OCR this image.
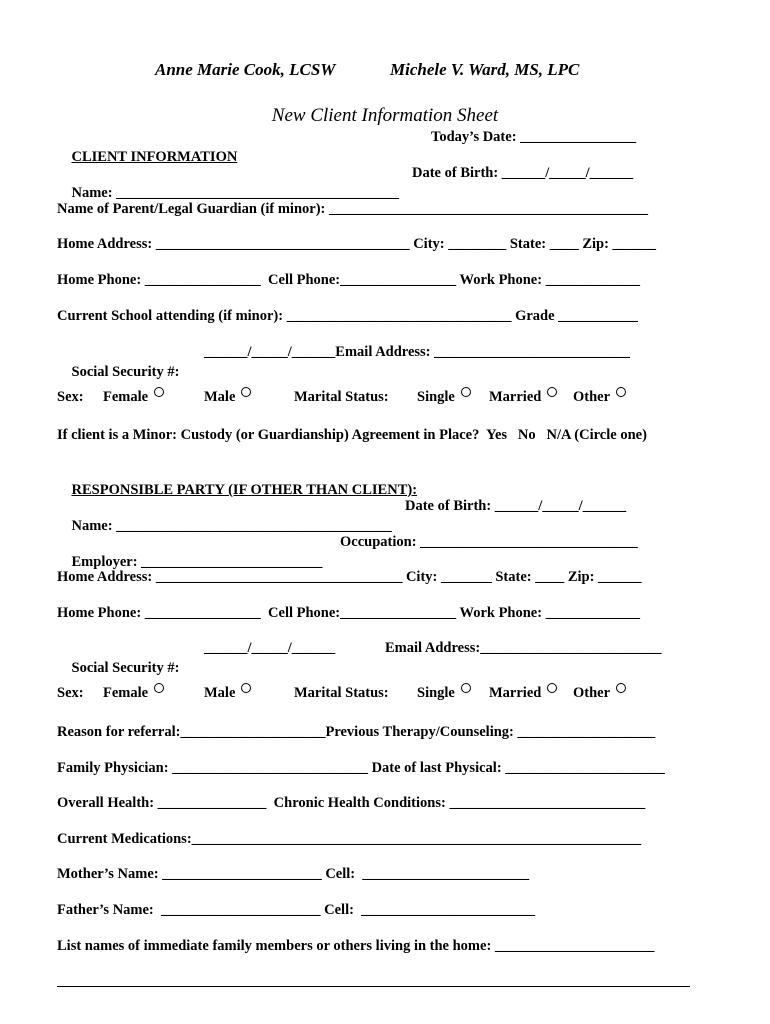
Anne Marie Cook, LCSW	Michele V. Ward, MS, LPC
New Client Information Sheet

CLIENT INFORMATION

Today’s Date: ________________

Name: _______________________________________

Date of Birth: ______/_____/______

Name of Parent/Legal Guardian (if minor): ____________________________________________
Home Address: ___________________________________ City: ________ State: ____ Zip: ______
Home Phone: ________________  Cell Phone:________________ Work Phone: _____________
Current School attending (if minor): _______________________________ Grade ___________

Social Security #:

______/_____/______Email Address: ___________________________

Sex:

Female

	Male

	Marital Status:

Single

	Married

	Other

If client is a Minor: Custody (or Guardianship) Agreement in Place?  Yes   No   N/A (Circle one)

RESPONSIBLE PARTY (IF OTHER THAN CLIENT):

Name: ______________________________________

Date of Birth: ______/_____/______

Employer: _________________________

Occupation: ______________________________

Home Address: __________________________________ City: _______ State: ____ Zip: ______
Home Phone: ________________  Cell Phone:________________ Work Phone: _____________

Social Security #:

______/_____/______

	Email Address:_________________________

Sex:

Female

	Male

	Marital Status:

Single

	Married

	Other

Reason for referral:____________________Previous Therapy/Counseling: ___________________
Family Physician: ___________________________ Date of last Physical: ______________________
Overall Health: _______________  Chronic Health Conditions: ___________________________
Current Medications:______________________________________________________________
Mother’s Name: ______________________ Cell:  _______________________
Father’s Name:  ______________________ Cell:  ________________________
List names of immediate family members or others living in the home: ______________________
